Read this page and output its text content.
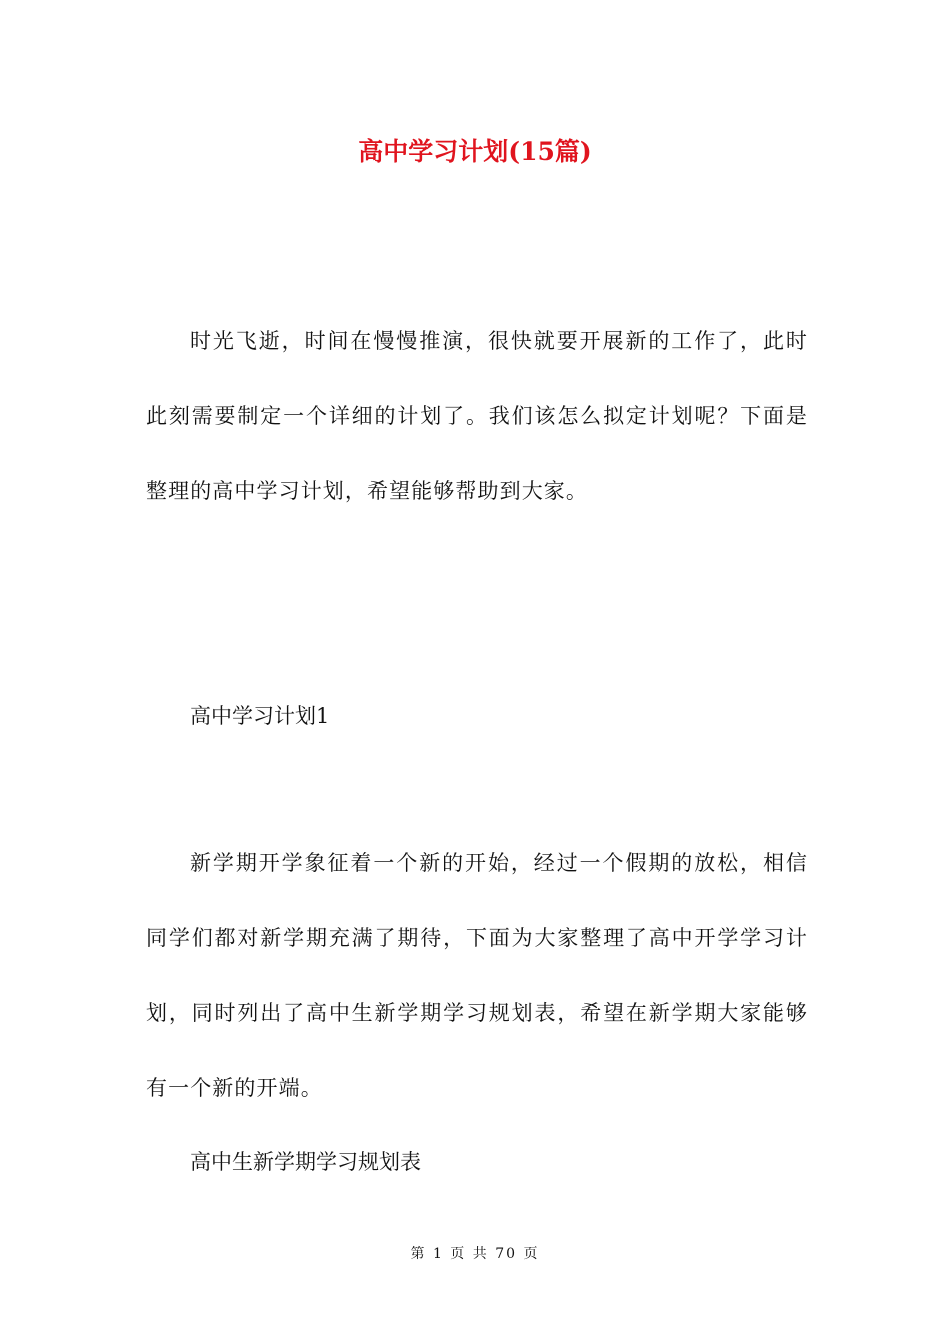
高中学习计划(15篇)

时光飞逝，时间在慢慢推演，很快就要开展新的工作了，此时此刻需要制定一个详细的计划了。我们该怎么拟定计划呢？下面是整理的高中学习计划，希望能够帮助到大家。

高中学习计划1

新学期开学象征着一个新的开始，经过一个假期的放松，相信同学们都对新学期充满了期待，下面为大家整理了高中开学学习计划，同时列出了高中生新学期学习规划表，希望在新学期大家能够有一个新的开端。

高中生新学期学习规划表
第 1 页 共 70 页
